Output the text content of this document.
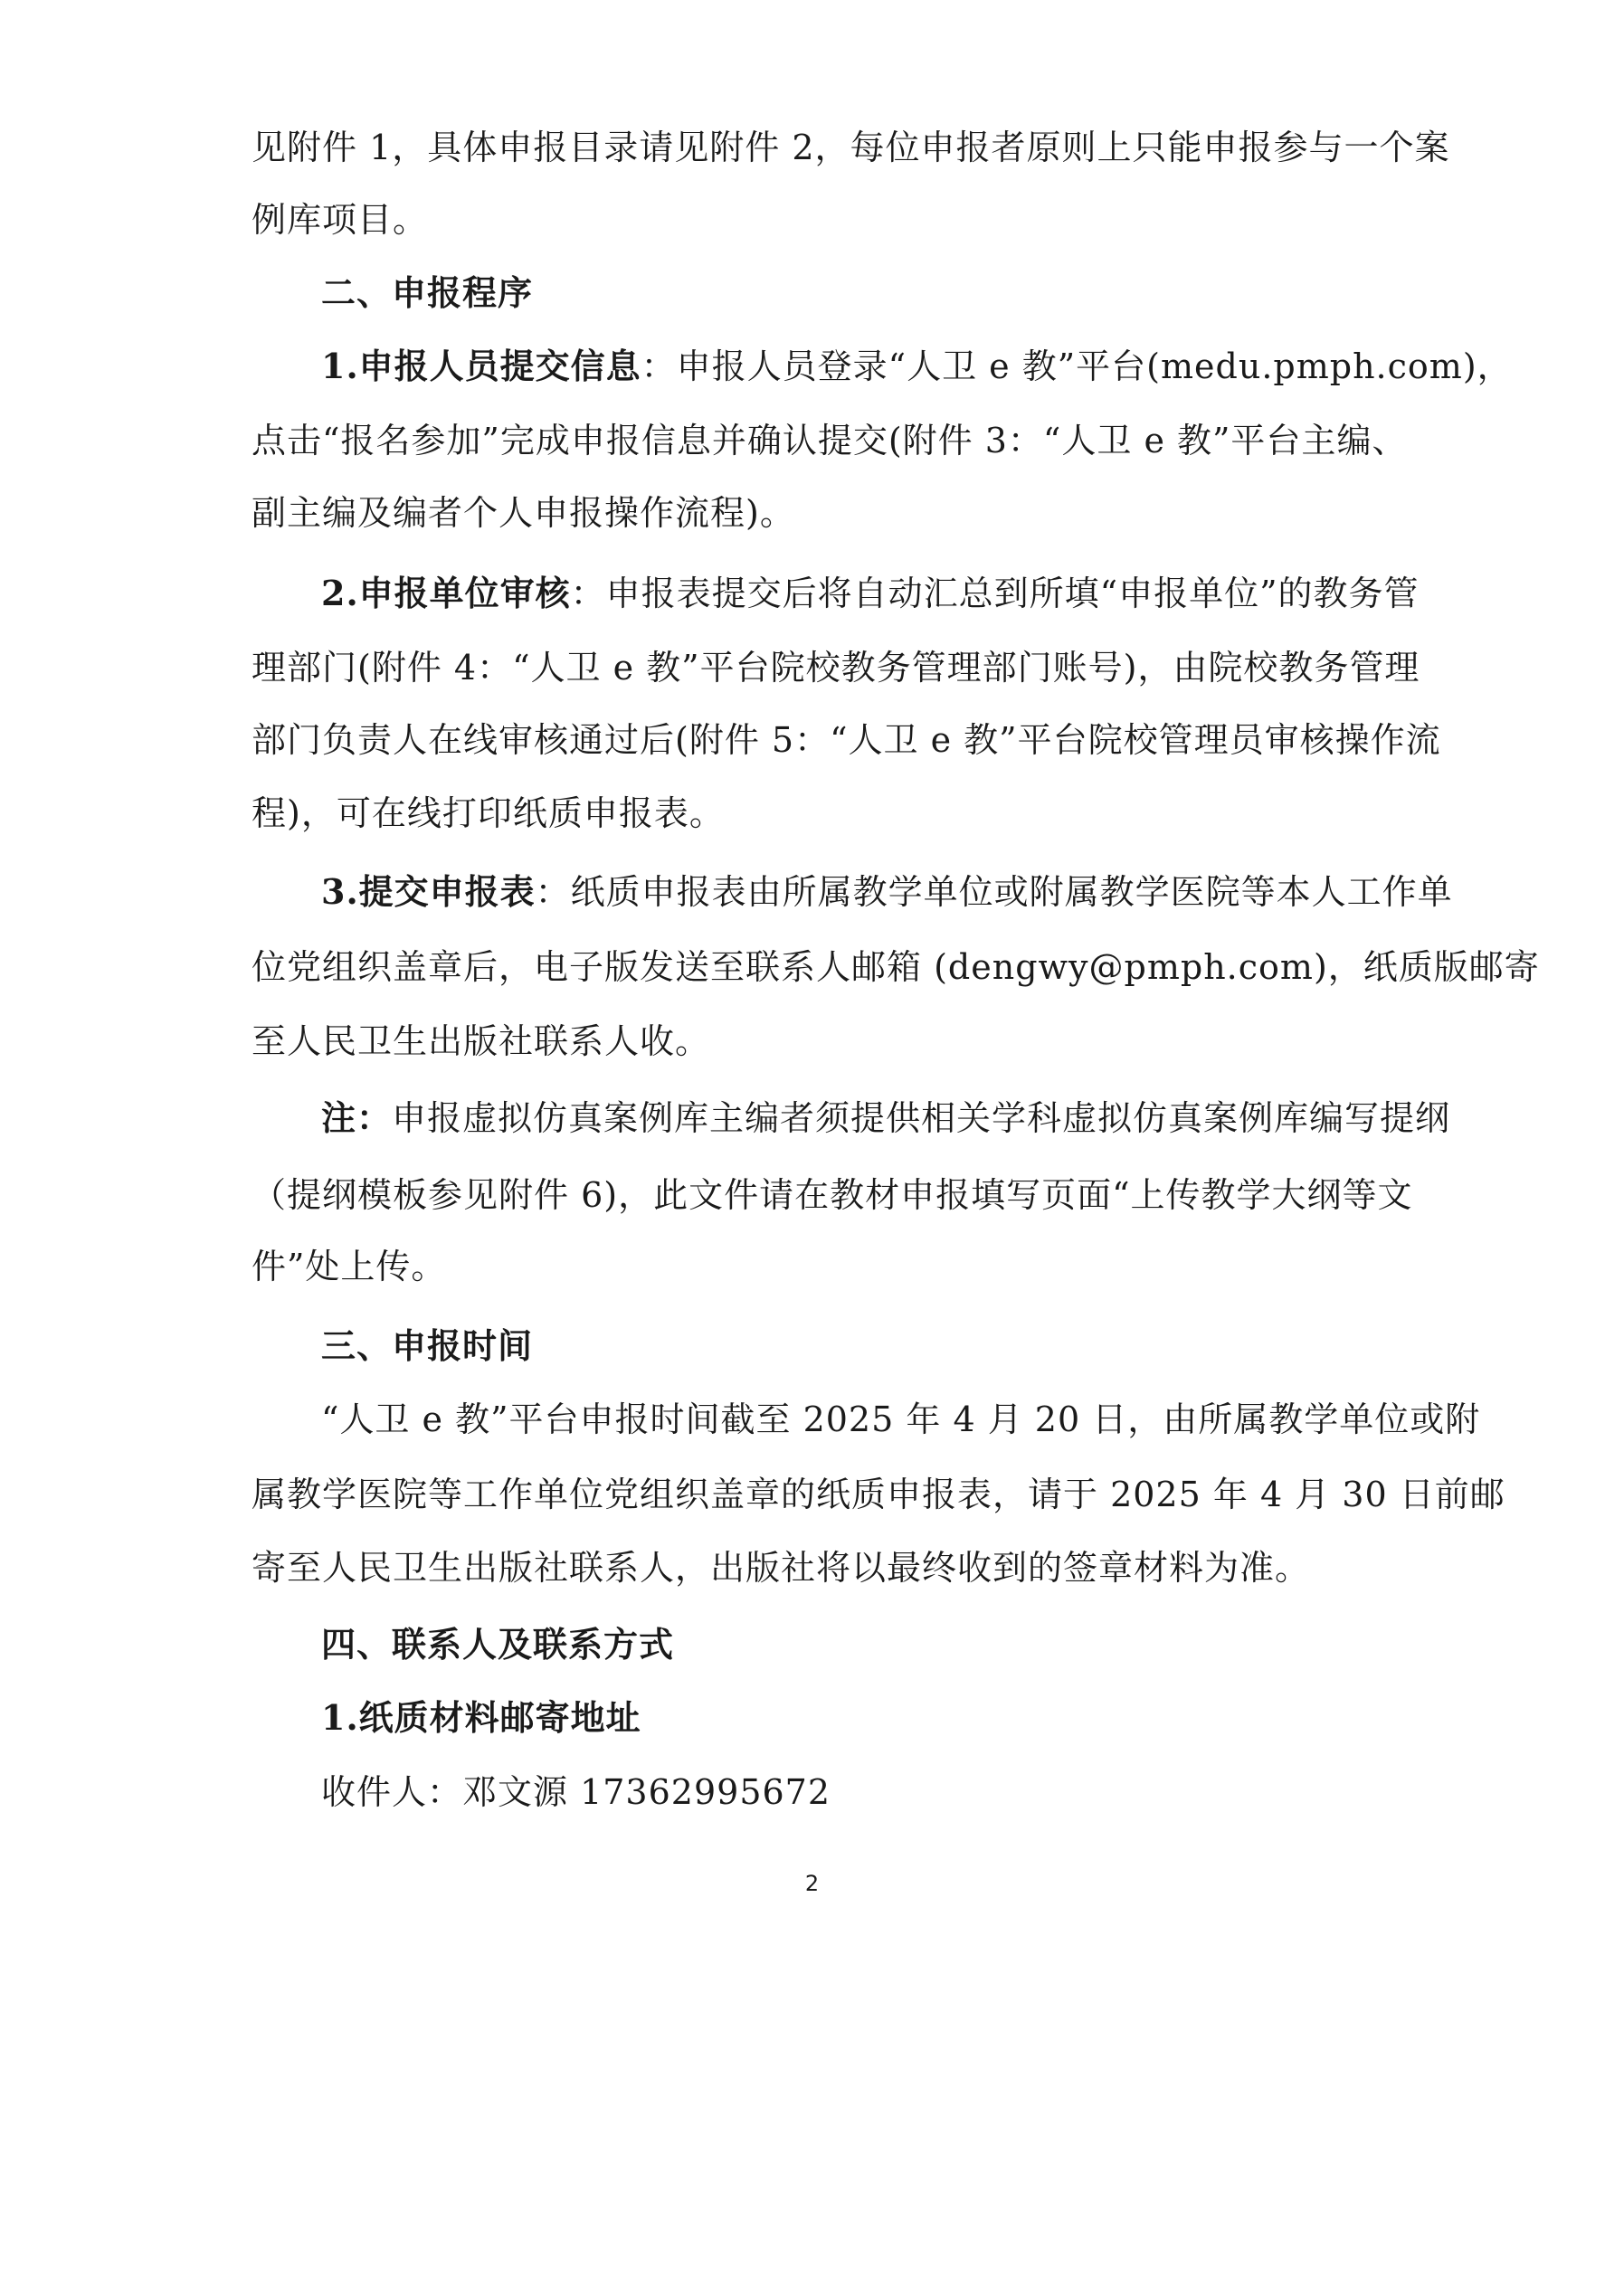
见附件 1，具体申报目录请见附件 2，每位申报者原则上只能申报参与一个案
例库项目。
二、申报程序
1.申报人员提交信息：申报人员登录“人卫 e 教”平台(medu.pmph.com)，
点击“报名参加”完成申报信息并确认提交(附件 3：“人卫 e 教”平台主编、
副主编及编者个人申报操作流程)。
2.申报单位审核：申报表提交后将自动汇总到所填“申报单位”的教务管
理部门(附件 4：“人卫 e 教”平台院校教务管理部门账号)，由院校教务管理
部门负责人在线审核通过后(附件 5：“人卫 e 教”平台院校管理员审核操作流
程)，可在线打印纸质申报表。
3.提交申报表：纸质申报表由所属教学单位或附属教学医院等本人工作单
位党组织盖章后，电子版发送至联系人邮箱 (dengwy@pmph.com)，纸质版邮寄
至人民卫生出版社联系人收。
注：申报虚拟仿真案例库主编者须提供相关学科虚拟仿真案例库编写提纲
（提纲模板参见附件 6)，此文件请在教材申报填写页面“上传教学大纲等文
件”处上传。
三、申报时间
“人卫 e 教”平台申报时间截至 2025 年 4 月 20 日，由所属教学单位或附
属教学医院等工作单位党组织盖章的纸质申报表，请于 2025 年 4 月 30 日前邮
寄至人民卫生出版社联系人，出版社将以最终收到的签章材料为准。
四、联系人及联系方式
1.纸质材料邮寄地址
收件人：邓文源 17362995672
2
